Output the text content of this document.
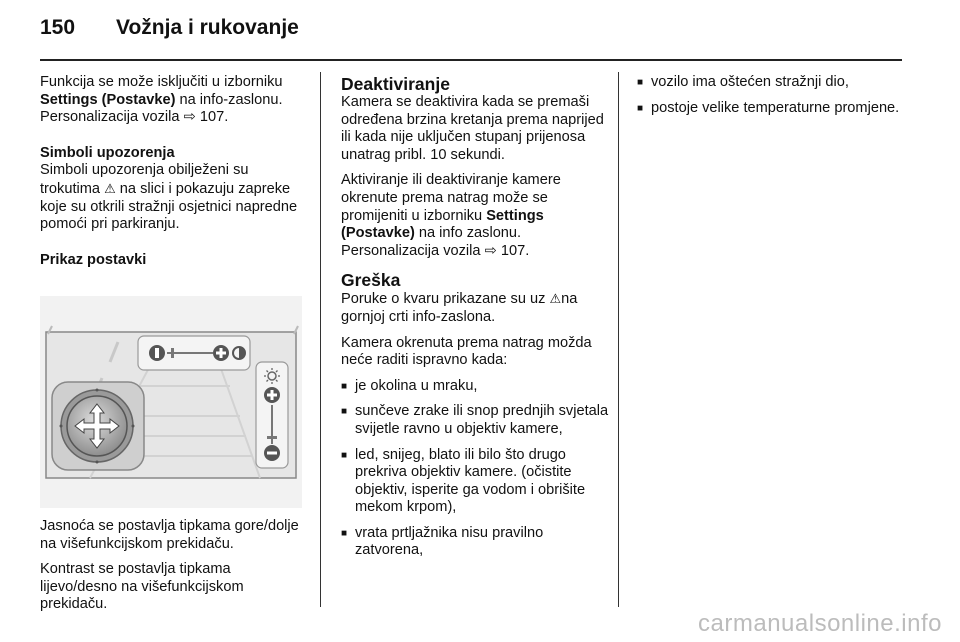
150	Vožnja i rukovanje

Funkcija se može isključiti u izborniku Settings (Postavke) na info-zaslonu. Personalizacija vozila ⇨ 107.

Simboli upozorenja

Simboli upozorenja obilježeni su trokutima ⚠ na slici i pokazuju zapreke koje su otkrili stražnji osjetnici napredne pomoći pri parkiranju.

Prikaz postavki

Jasnoća se postavlja tipkama gore/dolje na višefunkcijskom prekidaču.

Kontrast se postavlja tipkama lijevo/desno na višefunkcijskom prekidaču.

Deaktiviranje

Kamera se deaktivira kada se premaši određena brzina kretanja prema naprijed ili kada nije uključen stupanj prijenosa unatrag pribl. 10 sekundi.

Aktiviranje ili deaktiviranje kamere okrenute prema natrag može se promijeniti u izborniku Settings (Postavke) na info zaslonu. Personalizacija vozila ⇨ 107.

Greška

Poruke o kvaru prikazane su uz ⚠na gornjoj crti info-zaslona.

Kamera okrenuta prema natrag možda neće raditi ispravno kada:

■ je okolina u mraku,
■ sunčeve zrake ili snop prednjih svjetala svijetle ravno u objektiv kamere,
■ led, snijeg, blato ili bilo što drugo prekriva objektiv kamere. (očistite objektiv, isperite ga vodom i obrišite mekom krpom),
■ vrata prtljažnika nisu pravilno zatvorena,
■ vozilo ima oštećen stražnji dio,
■ postoje velike temperaturne promjene.
carmanualsonline.info
